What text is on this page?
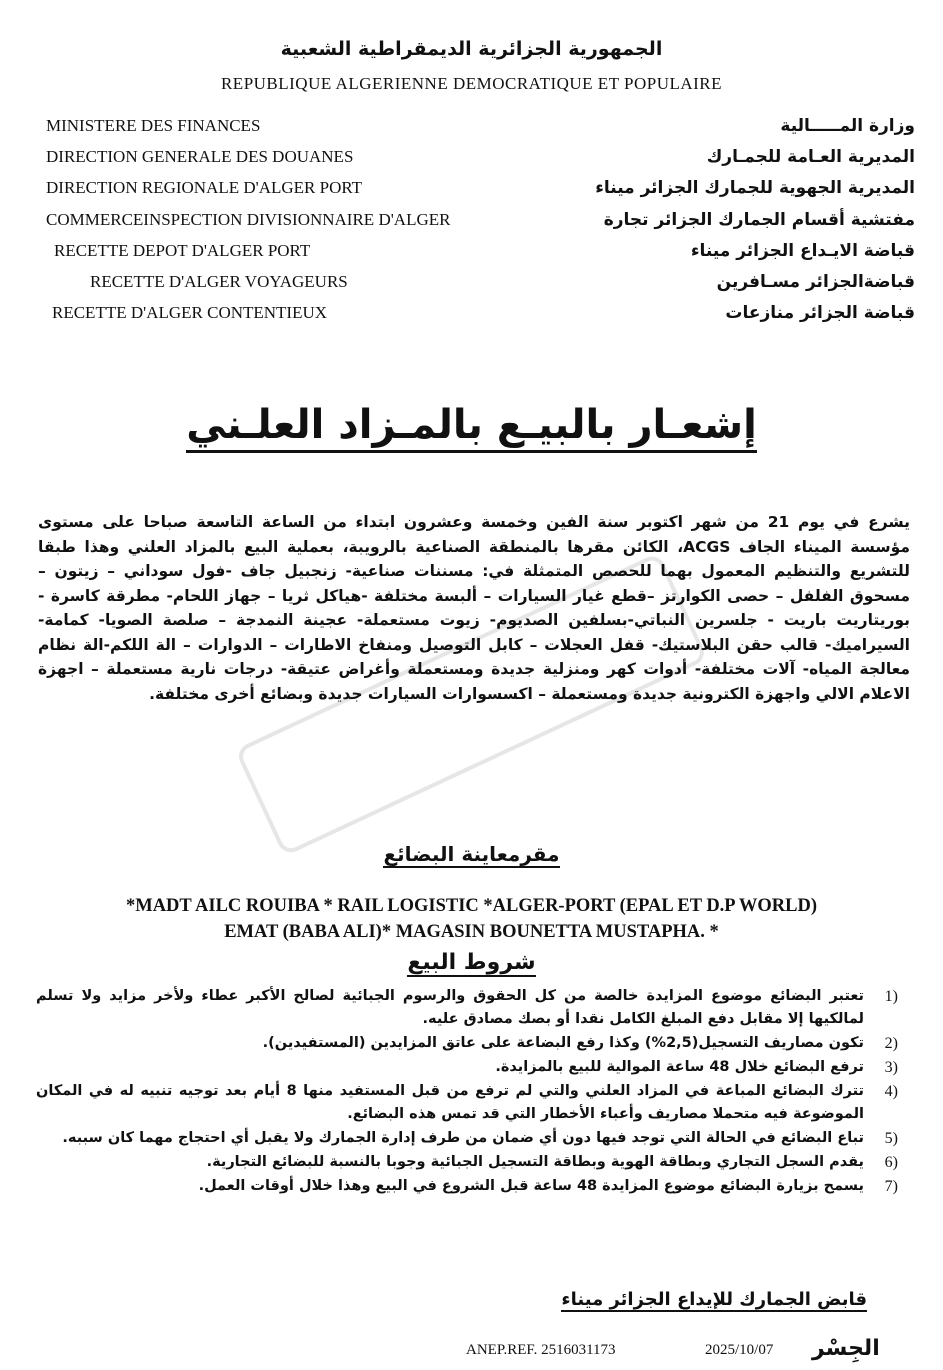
الجمهورية الجزائرية الديمقراطية الشعبية
REPUBLIQUE ALGERIENNE DEMOCRATIQUE ET POPULAIRE
MINISTERE DES FINANCES
DIRECTION GENERALE DES DOUANES
DIRECTION REGIONALE D'ALGER PORT
COMMERCEINSPECTION DIVISIONNAIRE D'ALGER
RECETTE DEPOT D'ALGER PORT
RECETTE D'ALGER VOYAGEURS
RECETTE D'ALGER CONTENTIEUX
وزارة المـــــالية
المديرية العـامة للجمـارك
المديرية الجهوية للجمارك الجزائر ميناء
مفتشية أقسام الجمارك الجزائر تجارة
قباضة الايـداع الجزائر ميناء
قباضةالجزائر مسـافرين
قباضة الجزائر منازعات
إشعـار بالبيـع بالمـزاد العلـني
يشرع في يوم 21 من شهر اكتوبر سنة الفين وخمسة وعشرون ابتداء من الساعة التاسعة صباحا على مستوى مؤسسة الميناء الجاف ACGS، الكائن مقرها بالمنطقة الصناعية بالرويبة، بعملية البيع بالمزاد العلني وهذا طبقا للتشريع والتنظيم المعمول بهما للحصص المتمثلة في: مسننات صناعية- زنجبيل جاف -فول سوداني – زيتون – مسحوق الفلفل – حصى الكوارتز –قطع غيار السيارات – ألبسة مختلفة -هياكل ثريا – جهاز اللحام- مطرقة كاسرة - بوريتاريت باريت - جلسرين النباتي-بسلفين الصديوم- زيوت مستعملة- عجينة النمدجة – صلصة الصويا- كمامة- السيراميك- قالب حقن البلاستيك- قفل العجلات – كابل التوصيل ومنفاخ الاطارات – الدوارات – الة اللكم-الة نظام معالجة المياه- آلات مختلفة- أدوات كهر ومنزلية جديدة ومستعملة وأغراض عتيقة- درجات نارية مستعملة – اجهزة الاعلام الالي واجهزة الكترونية جديدة ومستعملة – اكسسوارات السيارات جديدة وبضائع أخرى مختلفة.
مقرمعاينة البضائع
*MADT AILC ROUIBA * RAIL LOGISTIC *ALGER-PORT (EPAL ET D.P WORLD)
EMAT (BABA ALI)* MAGASIN BOUNETTA MUSTAPHA. *
شروط البيع
(1
تعتبر البضائع موضوع المزايدة خالصة من كل الحقوق والرسوم الجبائية لصالح الأكبر عطاء ولأخر مزايد ولا تسلم لمالكيها إلا مقابل دفع المبلغ الكامل نقدا أو بصك مصادق عليه.
(2
تكون مصاريف التسجيل(2,5%) وكذا رفع البضاعة على عاتق المزايدين (المستفيدين).
(3
ترفع البضائع خلال 48 ساعة الموالية للبيع بالمزايدة.
(4
تترك البضائع المباعة في المزاد العلني والتي لم ترفع من قبل المستفيد منها 8 أيام بعد توجيه تنبيه له في المكان الموضوعة فيه متحملا مصاريف وأعباء الأخطار التي قد تمس هذه البضائع.
(5
تباع البضائع في الحالة التي توجد فيها دون أي ضمان من طرف إدارة الجمارك ولا يقبل أي احتجاج مهما كان سببه.
(6
يقدم السجل التجاري وبطاقة الهوية وبطاقة التسجيل الجبائية وجوبا بالنسبة للبضائع التجارية.
(7
يسمح بزيارة البضائع موضوع المزايدة 48 ساعة قبل الشروع في البيع وهذا خلال أوقات العمل.
قابض الجمارك للإيداع الجزائر ميناء
ANEP.REF. 2516031173	2025/10/07 الجِسْر
